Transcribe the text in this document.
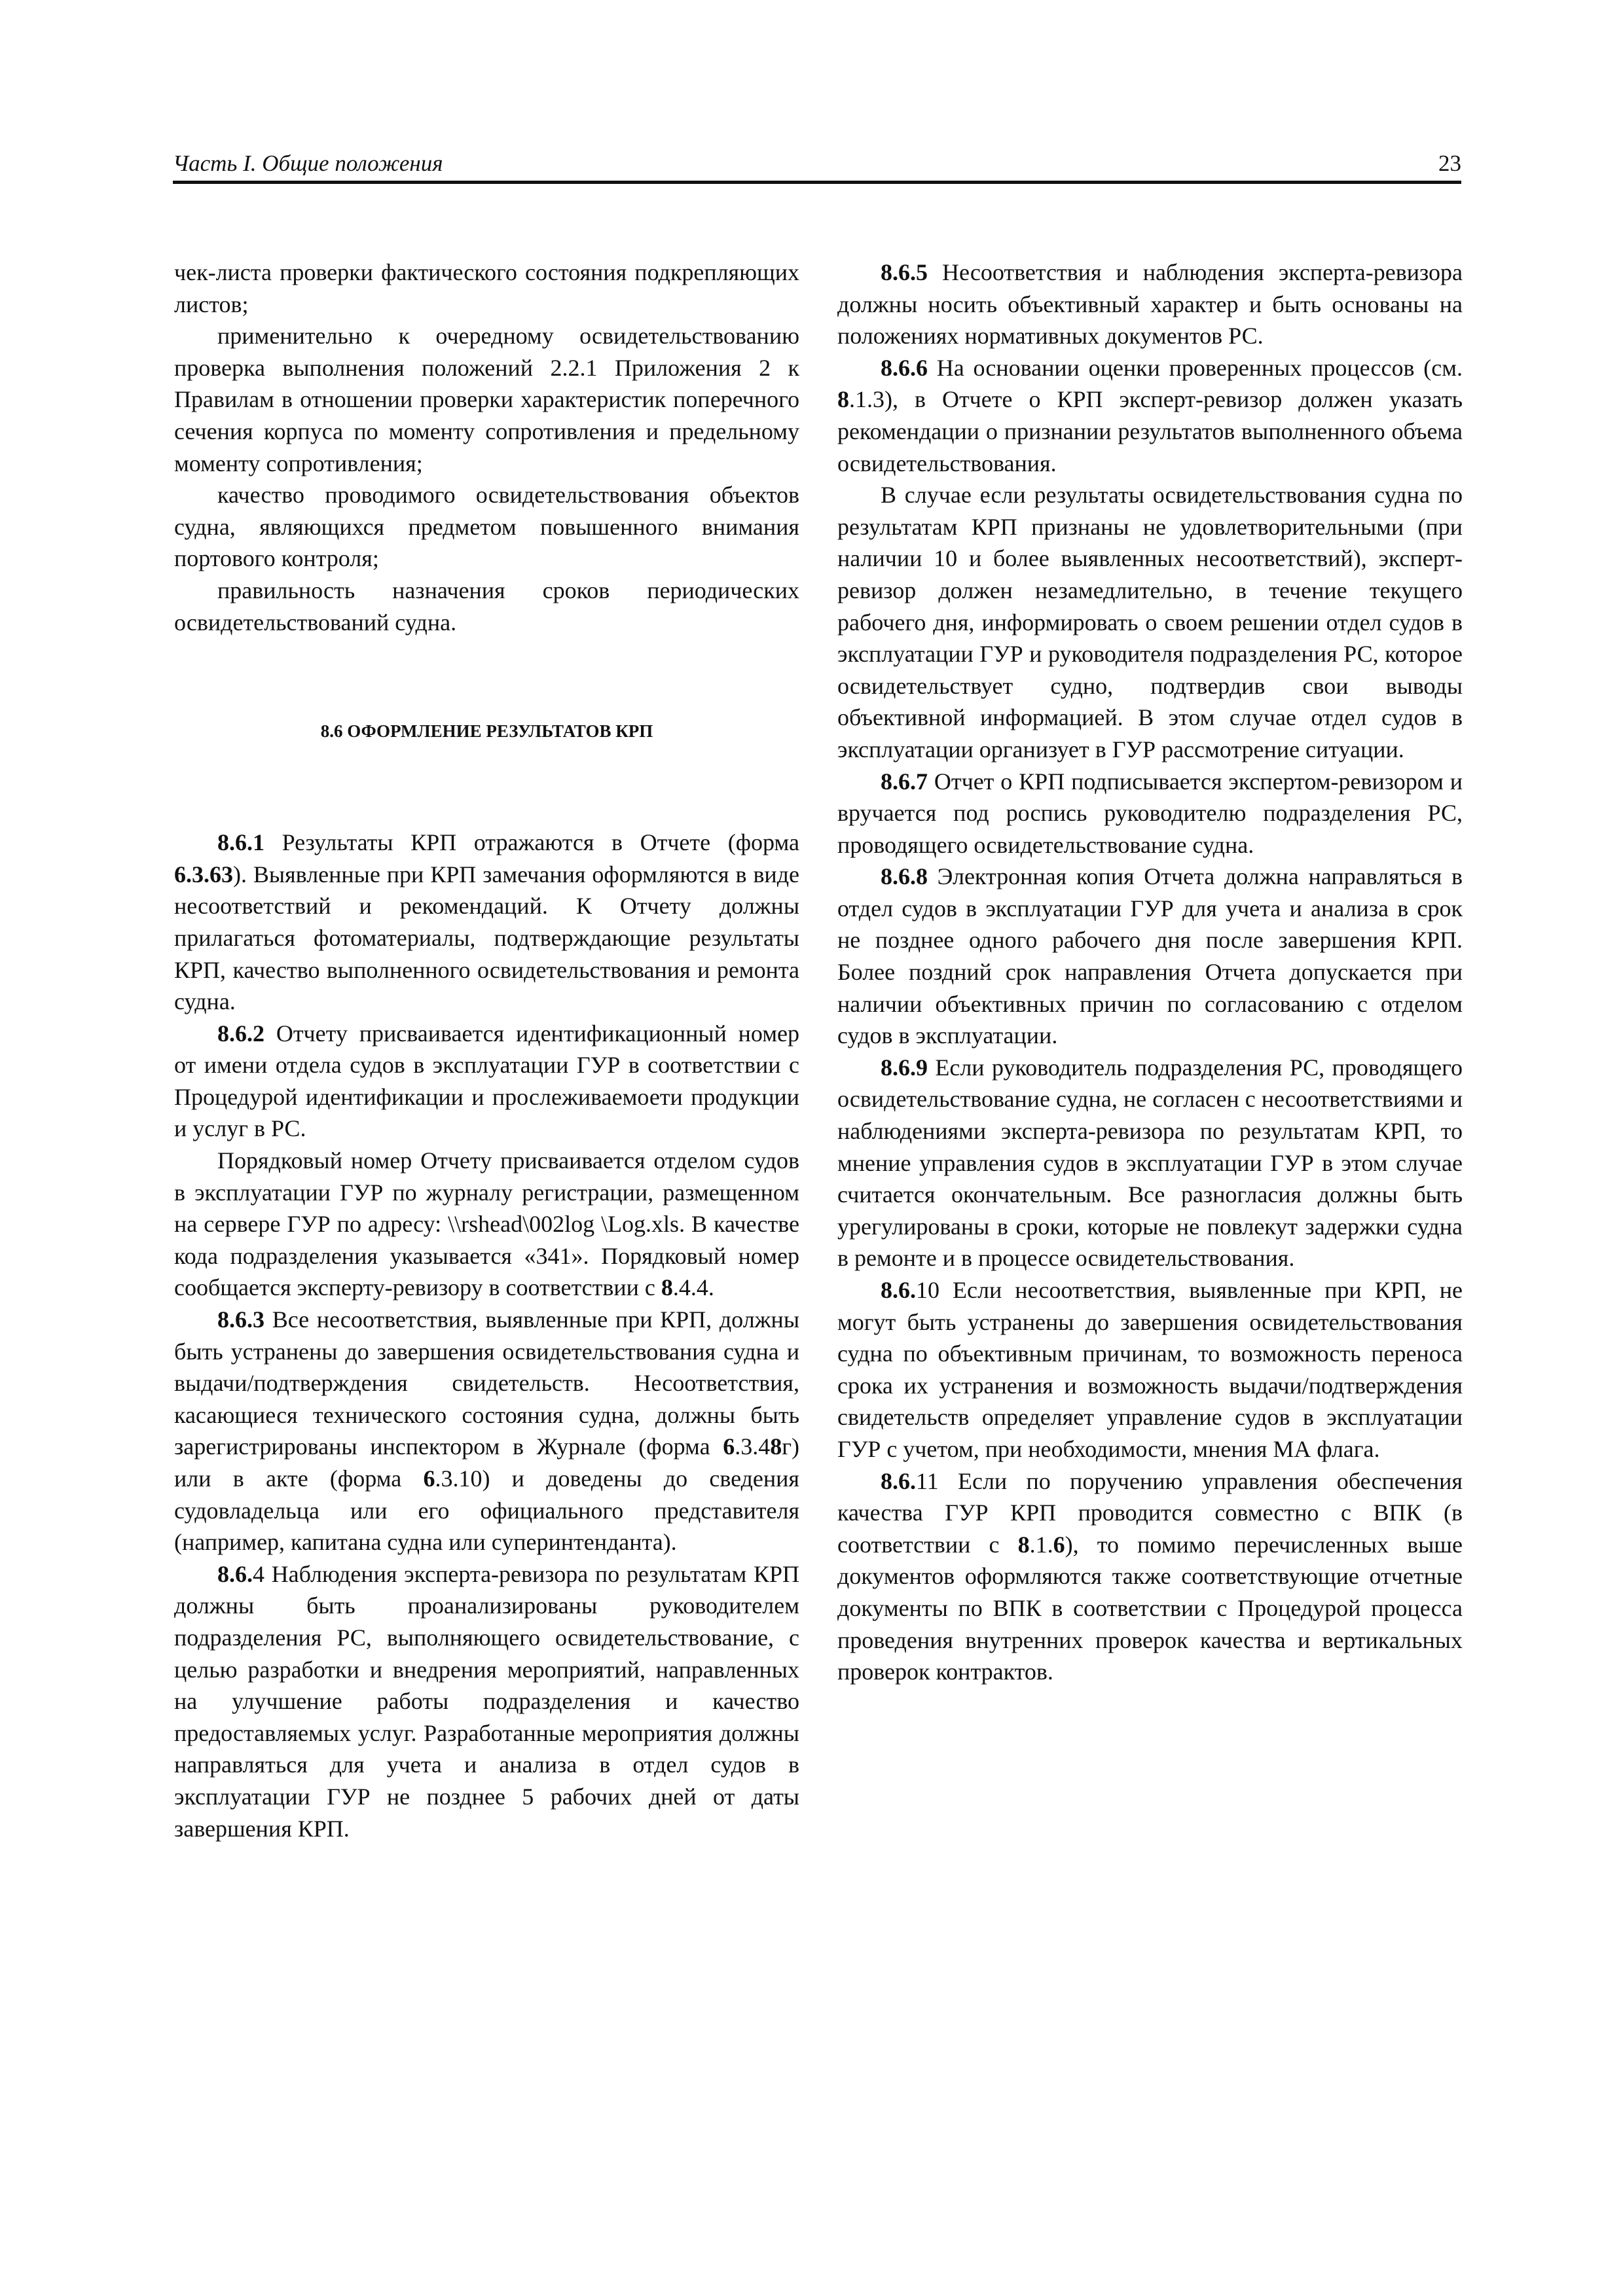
Часть I. Общие положения	23

чек-листа проверки фактического состояния подкрепляющих листов;

применительно к очередному освидетельствованию проверка выполнения положений 2.2.1 Приложения 2 к Правилам в отношении проверки характеристик поперечного сечения корпуса по моменту сопротивления и предельному моменту сопротивления;

качество проводимого освидетельствования объектов судна, являющихся предметом повышенного внимания портового контроля;

правильность назначения сроков периодических освидетельствований судна.

8.6 ОФОРМЛЕНИЕ РЕЗУЛЬТАТОВ КРП

8.6.1 Результаты КРП отражаются в Отчете (форма 6.3.63). Выявленные при КРП замечания оформляются в виде несоответствий и рекомендаций. К Отчету должны прилагаться фотоматериалы, подтверждающие результаты КРП, качество выполненного освидетельствования и ремонта судна.

8.6.2 Отчету присваивается идентификационный номер от имени отдела судов в эксплуатации ГУР в соответствии с Процедурой идентификации и прослеживаемоети продукции и услуг в РС.

Порядковый номер Отчету присваивается отделом судов в эксплуатации ГУР по журналу регистрации, размещенном на сервере ГУР по адресу: \\rshead\002log \Log.xls. В качестве кода подразделения указывается «341». Порядковый номер сообщается эксперту-ревизору в соответствии с 8.4.4.

8.6.3 Все несоответствия, выявленные при КРП, должны быть устранены до завершения освидетельствования судна и выдачи/подтверждения свидетельств. Несоответствия, касающиеся технического состояния судна, должны быть зарегистрированы инспектором в Журнале (форма 6.3.48г) или в акте (форма 6.3.10) и доведены до сведения судовладельца или его официального представителя (например, капитана судна или суперинтенданта).

8.6.4 Наблюдения эксперта-ревизора по результатам КРП должны быть проанализированы руководителем подразделения РС, выполняющего освидетельствование, с целью разработки и внедрения мероприятий, направленных на улучшение работы подразделения и качество предоставляемых услуг. Разработанные мероприятия должны направляться для учета и анализа в отдел судов в эксплуатации ГУР не позднее 5 рабочих дней от даты завершения КРП.

8.6.5 Несоответствия и наблюдения эксперта-ревизора должны носить объективный характер и быть основаны на положениях нормативных документов РС.

8.6.6 На основании оценки проверенных процессов (см. 8.1.3), в Отчете о КРП эксперт-ревизор должен указать рекомендации о признании результатов выполненного объема освидетельствования.

В случае если результаты освидетельствования судна по результатам КРП признаны не удовлетворительными (при наличии 10 и более выявленных несоответствий), эксперт-ревизор должен незамедлительно, в течение текущего рабочего дня, информировать о своем решении отдел судов в эксплуатации ГУР и руководителя подразделения РС, которое освидетельствует судно, подтвердив свои выводы объективной информацией. В этом случае отдел судов в эксплуатации организует в ГУР рассмотрение ситуации.

8.6.7 Отчет о КРП подписывается экспертом-ревизором и вручается под роспись руководителю подразделения РС, проводящего освидетельствование судна.

8.6.8 Электронная копия Отчета должна направляться в отдел судов в эксплуатации ГУР для учета и анализа в срок не позднее одного рабочего дня после завершения КРП. Более поздний срок направления Отчета допускается при наличии объективных причин по согласованию с отделом судов в эксплуатации.

8.6.9 Если руководитель подразделения РС, проводящего освидетельствование судна, не согласен с несоответствиями и наблюдениями эксперта-ревизора по результатам КРП, то мнение управления судов в эксплуатации ГУР в этом случае считается окончательным. Все разногласия должны быть урегулированы в сроки, которые не повлекут задержки судна в ремонте и в процессе освидетельствования.

8.6.10 Если несоответствия, выявленные при КРП, не могут быть устранены до завершения освидетельствования судна по объективным причинам, то возможность переноса срока их устранения и возможность выдачи/подтверждения свидетельств определяет управление судов в эксплуатации ГУР с учетом, при необходимости, мнения МА флага.

8.6.11 Если по поручению управления обеспечения качества ГУР КРП проводится совместно с ВПК (в соответствии с 8.1.6), то помимо перечисленных выше документов оформляются также соответствующие отчетные документы по ВПК в соответствии с Процедурой процесса проведения внутренних проверок качества и вертикальных проверок контрактов.
